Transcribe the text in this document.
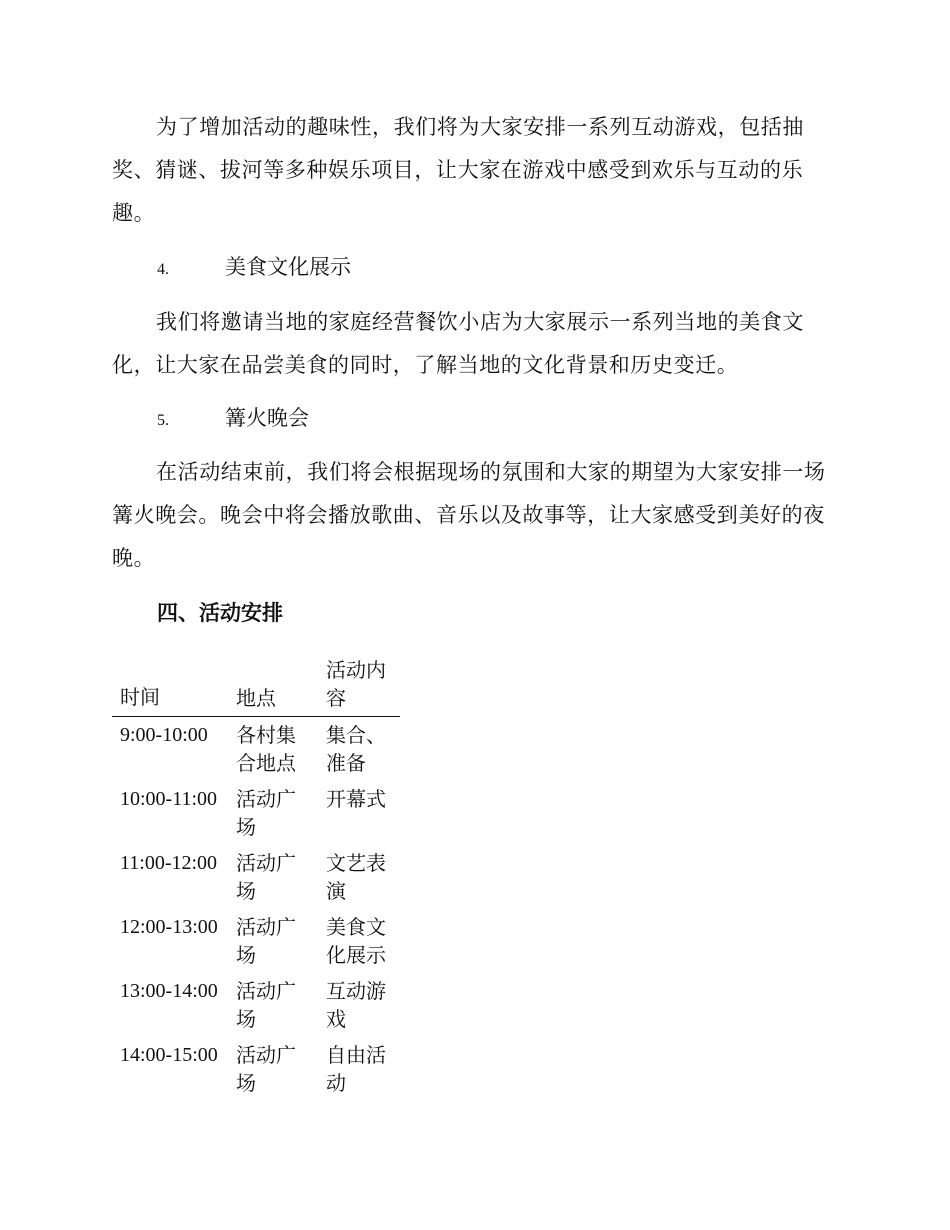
为了增加活动的趣味性，我们将为大家安排一系列互动游戏，包括抽奖、猜谜、拔河等多种娱乐项目，让大家在游戏中感受到欢乐与互动的乐趣。

4.	美食文化展示

我们将邀请当地的家庭经营餐饮小店为大家展示一系列当地的美食文化，让大家在品尝美食的同时，了解当地的文化背景和历史变迁。

5.	篝火晚会

在活动结束前，我们将会根据现场的氛围和大家的期望为大家安排一场篝火晚会。晚会中将会播放歌曲、音乐以及故事等，让大家感受到美好的夜晚。

四、活动安排

时间	地点	活动内容
9:00-10:00	各村集合地点	集合、准备
10:00-11:00	活动广场	开幕式
11:00-12:00	活动广场	文艺表演
12:00-13:00	活动广场	美食文化展示
13:00-14:00	活动广场	互动游戏
14:00-15:00	活动广场	自由活动
